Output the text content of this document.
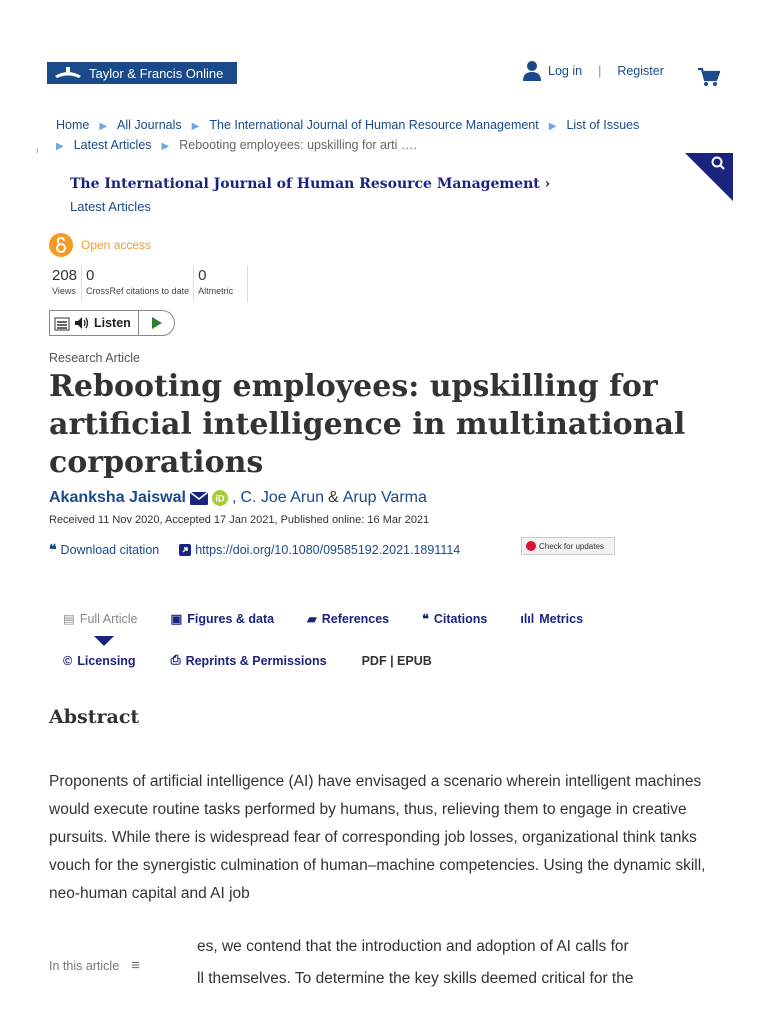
Taylor & Francis Online	Log in | Register
Home ▶ All Journals ▶ The International Journal of Human Resource Management ▶ List of Issues
▶ Latest Articles ▶ Rebooting employees: upskilling for arti ….
ı
The International Journal of Human Resource Management ›
Latest Articles
Open access
208
Views
0
CrossRef citations to date
0
Altmetric
Listen
Research Article
Rebooting employees: upskilling for artificial intelligence in multinational corporations
Akanksha Jaiswal	iD , C. Joe Arun & Arup Varma
Received 11 Nov 2020, Accepted 17 Jan 2021, Published online: 16 Mar 2021
❝ Download citation	https://doi.org/10.1080/09585192.2021.1891114	Check for updates
▤ Full Article	▣ Figures & data	▰ References	❝ Citations	ılıl Metrics
© Licensing	⎙ Reprints & Permissions	PDF | EPUB
Abstract

Proponents of artificial intelligence (AI) have envisaged a scenario wherein intelligent machines would execute routine tasks performed by humans, thus, relieving them to engage in creative pursuits. While there is widespread fear of corresponding job losses, organizational think tanks vouch for the synergistic culmination of human–machine competencies. Using the dynamic skill, neo-human capital and AI job

In this article ≡
es, we contend that the introduction and adoption of AI calls for
ll themselves. To determine the key skills deemed critical for the
